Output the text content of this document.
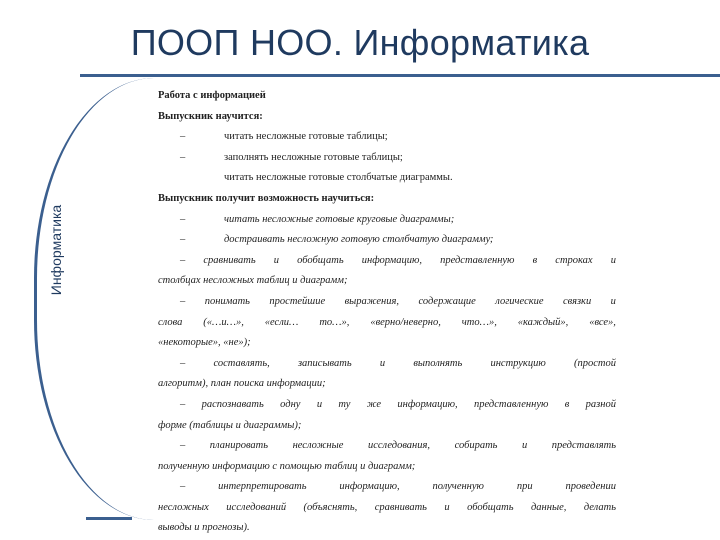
ПООП НОО. Информатика
Информатика
Работа с информацией
Выпускник научится:
–	читать несложные готовые таблицы;
–	заполнять несложные готовые таблицы;
читать несложные готовые столбчатые диаграммы.
Выпускник получит возможность научиться:
–	читать несложные готовые круговые диаграммы;
–	достраивать несложную готовую столбчатую диаграмму;
– сравнивать и обобщать информацию, представленную в строках и
столбцах несложных таблиц и диаграмм;
– понимать простейшие выражения, содержащие логические связки и
слова («…и…», «если… то…», «верно/неверно, что…», «каждый», «все»,
«некоторые», «не»);
–	составлять,	записывать	и	выполнять	инструкцию	(простой
алгоритм), план поиска информации;
– распознавать одну и ту же информацию, представленную в разной
форме (таблицы и диаграммы);
– планировать несложные исследования, собирать и представлять
полученную информацию с помощью таблиц и диаграмм;
–	интерпретировать	информацию,	полученную	при	проведении
несложных исследований (объяснять, сравнивать и обобщать данные, делать
выводы и прогнозы).
